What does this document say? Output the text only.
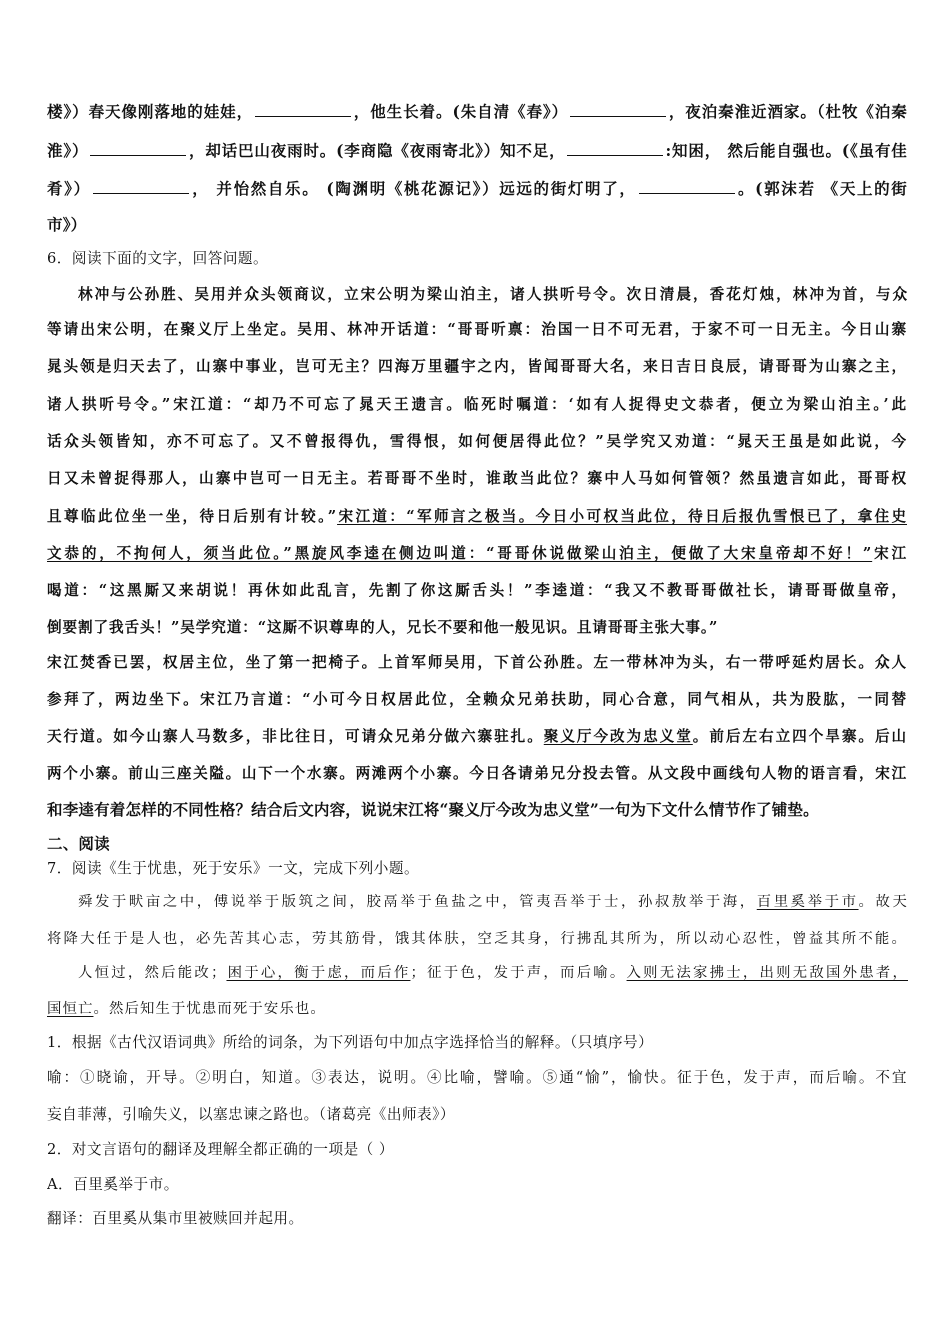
楼》）春天像刚落地的娃娃，	，他生长着。(朱自清《春》）	，夜泊秦淮近酒家。（杜牧《泊秦
淮》）	，却话巴山夜雨时。(李商隐《夜雨寄北》）知不足，	:知困， 然后能自强也。(《虽有佳
肴》）	， 并怡然自乐。 (陶渊明《桃花源记》）远远的街灯明了，	。(郭沫若 《天上的街
市》）
6．阅读下面的文字，回答问题。
林冲与公孙胜、吴用并众头领商议，立宋公明为梁山泊主，诸人拱听号令。次日清晨，香花灯烛，林冲为首，与众
等请出宋公明，在聚义厅上坐定。吴用、林冲开话道：“哥哥听禀：治国一日不可无君，于家不可一日无主。今日山寨
晁头领是归天去了，山寨中事业，岂可无主？四海万里疆宇之内，皆闻哥哥大名，来日吉日良辰，请哥哥为山寨之主，
诸人拱听号令。”宋江道：“却乃不可忘了晁天王遗言。临死时嘱道：‘如有人捉得史文恭者，便立为梁山泊主。’此
话众头领皆知，亦不可忘了。又不曾报得仇，雪得恨，如何便居得此位？”吴学究又劝道：“晁天王虽是如此说，今
日又未曾捉得那人，山寨中岂可一日无主。若哥哥不坐时，谁敢当此位？寨中人马如何管领？然虽遗言如此，哥哥权
且尊临此位坐一坐，待日后别有计较。”宋江道：“军师言之极当。今日小可权当此位，待日后报仇雪恨已了，拿住史
文恭的，不拘何人，须当此位。”黑旋风李逵在侧边叫道：“哥哥休说做梁山泊主，便做了大宋皇帝却不好！”宋江
喝道：“这黑厮又来胡说！再休如此乱言，先割了你这厮舌头！”李逵道：“我又不教哥哥做社长，请哥哥做皇帝，
倒要割了我舌头！”吴学究道：“这厮不识尊卑的人，兄长不要和他一般见识。且请哥哥主张大事。”
宋江焚香已罢，权居主位，坐了第一把椅子。上首军师吴用，下首公孙胜。左一带林冲为头，右一带呼延灼居长。众人
参拜了，两边坐下。宋江乃言道：“小可今日权居此位，全赖众兄弟扶助，同心合意，同气相从，共为股肱，一同替
天行道。如今山寨人马数多，非比往日，可请众兄弟分做六寨驻扎。聚义厅今改为忠义堂。前后左右立四个旱寨。后山
两个小寨。前山三座关隘。山下一个水寨。两滩两个小寨。今日各请弟兄分投去管。从文段中画线句人物的语言看，宋江
和李逵有着怎样的不同性格？结合后文内容，说说宋江将“聚义厅今改为忠义堂”一句为下文什么情节作了铺垫。
二、阅读
7．阅读《生于忧患，死于安乐》一文，完成下列小题。
舜发于畎亩之中，傅说举于版筑之间，胶鬲举于鱼盐之中，管夷吾举于士，孙叔敖举于海，百里奚举于市。故天
将降大任于是人也，必先苦其心志，劳其筋骨，饿其体肤，空乏其身，行拂乱其所为，所以动心忍性，曾益其所不能。
人恒过，然后能改；困于心，衡于虑，而后作；征于色，发于声，而后喻。入则无法家拂士，出则无敌国外患者，
国恒亡。然后知生于忧患而死于安乐也。
1．根据《古代汉语词典》所给的词条，为下列语句中加点字选择恰当的解释。（只填序号）
喻：①晓谕，开导。②明白，知道。③表达，说明。④比喻，譬喻。⑤通“愉”，愉快。征于色，发于声，而后喻。不宜
妄自菲薄，引喻失义，以塞忠谏之路也。（诸葛亮《出师表》）
2．对文言语句的翻译及理解全都正确的一项是（ ）
A．百里奚举于市。
翻译：百里奚从集市里被赎回并起用。
